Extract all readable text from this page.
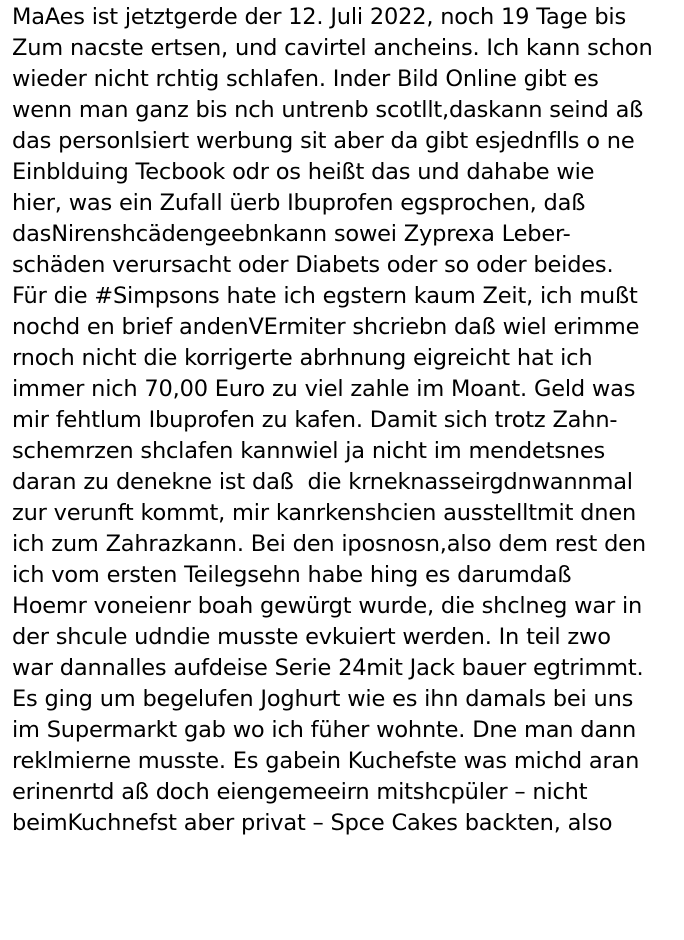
MaAes ist jetztgerde der 12. Juli 2022, noch 19 Tage bis
Zum nacste ertsen, und cavirtel ancheins. Ich kann schon
wieder nicht rchtig schlafen. Inder Bild Online gibt es
wenn man ganz bis nch untrenb scotllt,daskann seind aß
das personlsiert werbung sit aber da gibt esjednflls o ne
Einblduing Tecbook odr os heißt das und dahabe wie
hier, was ein Zufall üerb Ibuprofen egsprochen, daß
dasNirenshcädengeebnkann sowei Zyprexa Leber-
schäden verursacht oder Diabets oder so oder beides.
Für die #Simpsons hate ich egstern kaum Zeit, ich mußt
nochd en brief andenVErmiter shcriebn daß wiel erimme
rnoch nicht die korrigerte abrhnung eigreicht hat ich
immer nich 70,00 Euro zu viel zahle im Moant. Geld was
mir fehtlum Ibuprofen zu kafen. Damit sich trotz Zahn-
schemrzen shclafen kannwiel ja nicht im mendetsnes
daran zu denekne ist daß  die krneknasseirgdnwannmal
zur verunft kommt, mir kanrkenshcien ausstelltmit dnen
ich zum Zahrazkann. Bei den iposnosn,also dem rest den
ich vom ersten Teilegsehn habe hing es darumdaß
Hoemr voneienr boah gewürgt wurde, die shclneg war in
der shcule udndie musste evkuiert werden. In teil zwo
war dannalles aufdeise Serie 24mit Jack bauer egtrimmt.
Es ging um begelufen Joghurt wie es ihn damals bei uns
im Supermarkt gab wo ich füher wohnte. Dne man dann
reklmierne musste. Es gabein Kuchefste was michd aran
erinenrtd aß doch eiengemeeirn mitshcpüler – nicht
beimKuchnefst aber privat – Spce Cakes backten, also
